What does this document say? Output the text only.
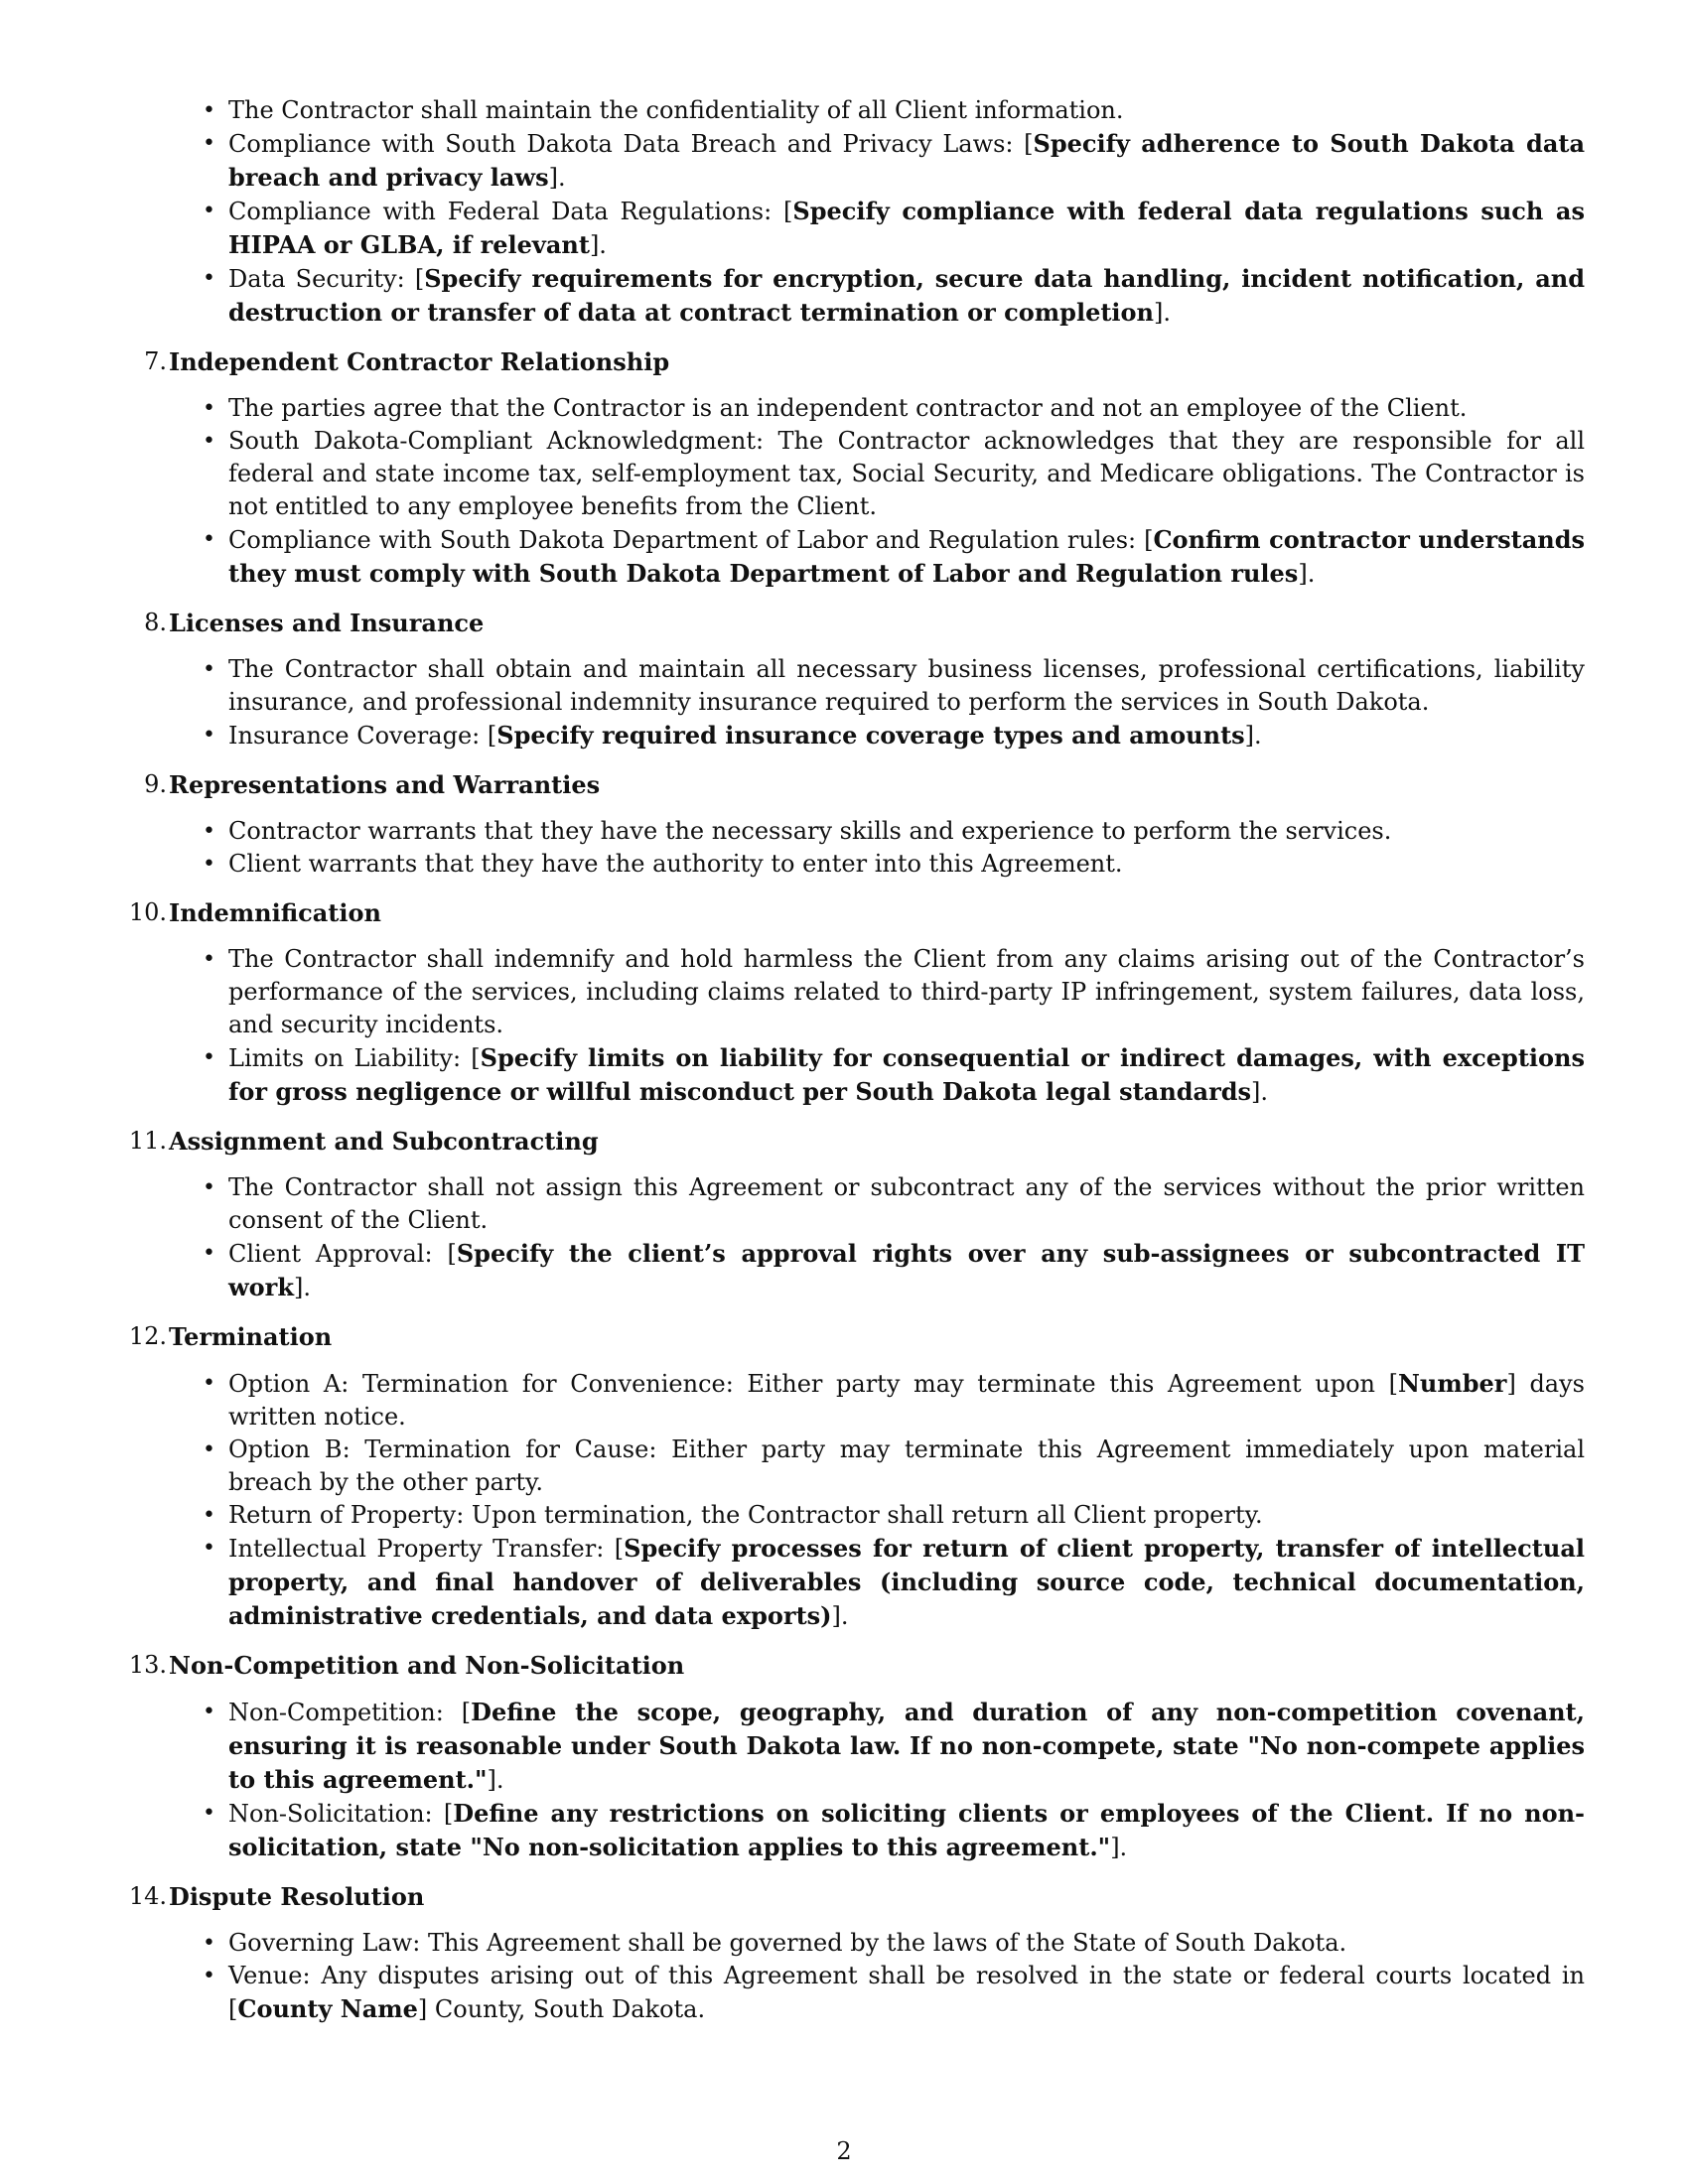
• The Contractor shall maintain the confidentiality of all Client information.
• Compliance with South Dakota Data Breach and Privacy Laws: [Specify adherence to South Dakota data breach and privacy laws].
• Compliance with Federal Data Regulations: [Specify compliance with federal data regulations such as HIPAA or GLBA, if relevant].
• Data Security: [Specify requirements for encryption, secure data handling, incident notification, and destruction or transfer of data at contract termination or completion].
7. Independent Contractor Relationship
• The parties agree that the Contractor is an independent contractor and not an employee of the Client.
• South Dakota-Compliant Acknowledgment: The Contractor acknowledges that they are responsible for all federal and state income tax, self-employment tax, Social Security, and Medicare obligations. The Contractor is not entitled to any employee benefits from the Client.
• Compliance with South Dakota Department of Labor and Regulation rules: [Confirm contractor understands they must comply with South Dakota Department of Labor and Regulation rules].
8. Licenses and Insurance
• The Contractor shall obtain and maintain all necessary business licenses, professional certifications, liability insurance, and professional indemnity insurance required to perform the services in South Dakota.
• Insurance Coverage: [Specify required insurance coverage types and amounts].
9. Representations and Warranties
• Contractor warrants that they have the necessary skills and experience to perform the services.
• Client warrants that they have the authority to enter into this Agreement.
10. Indemnification
• The Contractor shall indemnify and hold harmless the Client from any claims arising out of the Contractor’s performance of the services, including claims related to third-party IP infringement, system failures, data loss, and security incidents.
• Limits on Liability: [Specify limits on liability for consequential or indirect damages, with exceptions for gross negligence or willful misconduct per South Dakota legal standards].
11. Assignment and Subcontracting
• The Contractor shall not assign this Agreement or subcontract any of the services without the prior written consent of the Client.
• Client Approval: [Specify the client’s approval rights over any sub-assignees or subcontracted IT work].
12. Termination
• Option A: Termination for Convenience: Either party may terminate this Agreement upon [Number] days written notice.
• Option B: Termination for Cause: Either party may terminate this Agreement immediately upon material breach by the other party.
• Return of Property: Upon termination, the Contractor shall return all Client property.
• Intellectual Property Transfer: [Specify processes for return of client property, transfer of intellectual property, and final handover of deliverables (including source code, technical documentation, administrative credentials, and data exports)].
13. Non-Competition and Non-Solicitation
• Non-Competition: [Define the scope, geography, and duration of any non-competition covenant, ensuring it is reasonable under South Dakota law. If no non-compete, state "No non-compete applies to this agreement."].
• Non-Solicitation: [Define any restrictions on soliciting clients or employees of the Client. If no non-solicitation, state "No non-solicitation applies to this agreement."].
14. Dispute Resolution
• Governing Law: This Agreement shall be governed by the laws of the State of South Dakota.
• Venue: Any disputes arising out of this Agreement shall be resolved in the state or federal courts located in [County Name] County, South Dakota.
2
